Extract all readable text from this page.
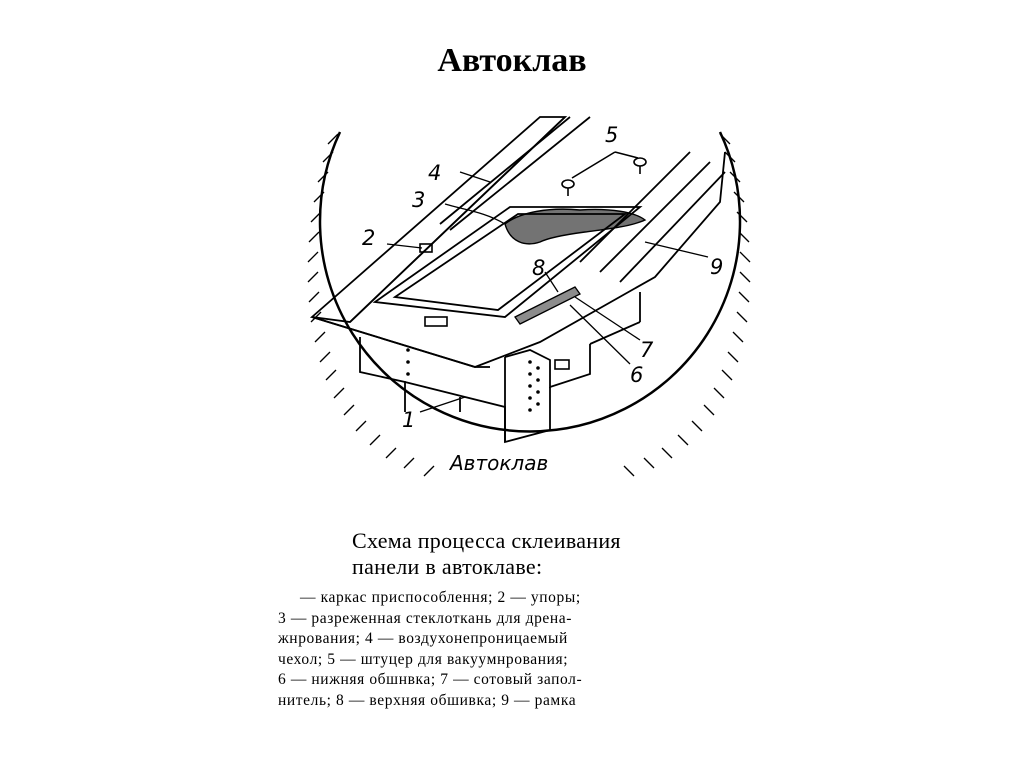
Автоклав
4
3
2
5
8	9
7
6
1
Автоклав
Схема процесса склеивания
панели в автоклаве:
— каркас приспособлення; 2 — упоры;
3 — разреженная стеклоткань для дрена-
жнрования; 4 — воздухонепроницаемый
чехол; 5 — штуцер для вакуумнрования;
6 — нижняя обшнвка; 7 — сотовый запол-
нитель; 8 — верхняя обшивка; 9 — рамка
